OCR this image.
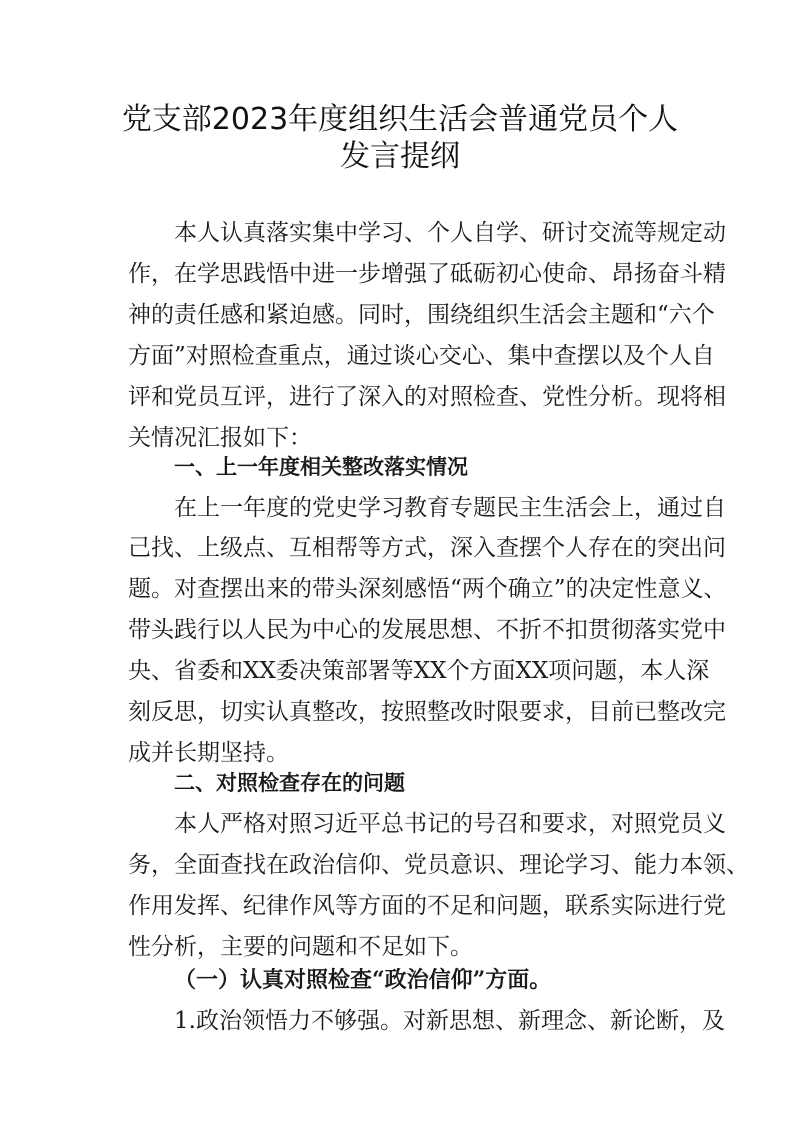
党支部2023年度组织生活会普通党员个人
发言提纲
本人认真落实集中学习、个人自学、研讨交流等规定动
作，在学思践悟中进一步增强了砥砺初心使命、昂扬奋斗精
神的责任感和紧迫感。同时，围绕组织生活会主题和“六个
方面”对照检查重点，通过谈心交心、集中查摆以及个人自
评和党员互评，进行了深入的对照检查、党性分析。现将相
关情况汇报如下：
一、上一年度相关整改落实情况
在上一年度的党史学习教育专题民主生活会上，通过自
己找、上级点、互相帮等方式，深入查摆个人存在的突出问
题。对查摆出来的带头深刻感悟“两个确立”的决定性意义、
带头践行以人民为中心的发展思想、不折不扣贯彻落实党中
央、省委和XX委决策部署等XX个方面XX项问题，本人深
刻反思，切实认真整改，按照整改时限要求，目前已整改完
成并长期坚持。
二、对照检查存在的问题
本人严格对照习近平总书记的号召和要求，对照党员义
务，全面查找在政治信仰、党员意识、理论学习、能力本领、
作用发挥、纪律作风等方面的不足和问题，联系实际进行党
性分析，主要的问题和不足如下。
（一）认真对照检查“政治信仰”方面。
1.政治领悟力不够强。对新思想、新理念、新论断，及
